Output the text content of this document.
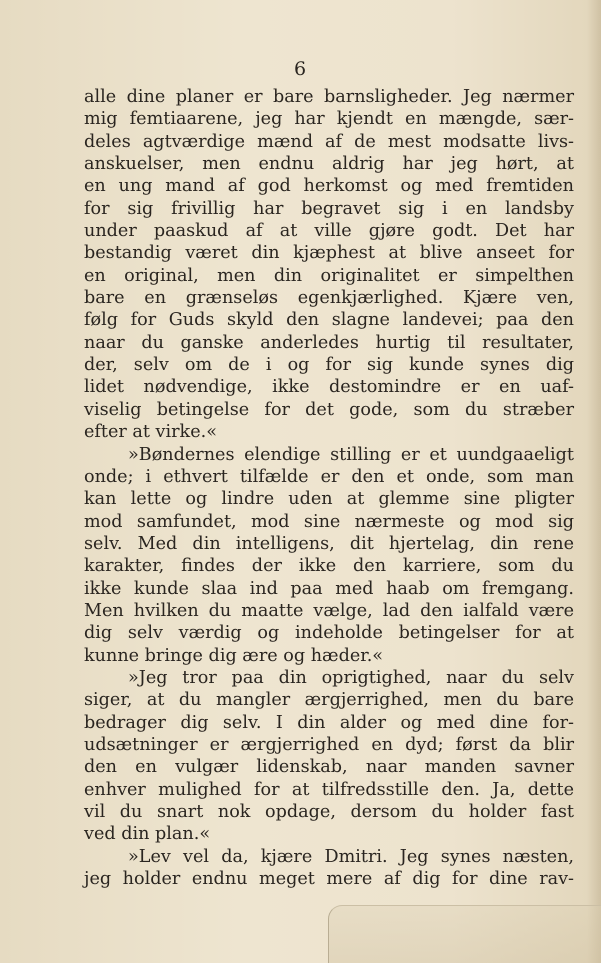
6
alle dine planer er bare barnsligheder. Jeg nærmer
mig femtiaarene, jeg har kjendt en mængde, sær-
deles agtværdige mænd af de mest modsatte livs-
anskuelser, men endnu aldrig har jeg hørt, at
en ung mand af god herkomst og med fremtiden
for sig frivillig har begravet sig i en landsby
under paaskud af at ville gjøre godt. Det har
bestandig været din kjæphest at blive anseet for
en original, men din originalitet er simpelthen
bare en grænseløs egenkjærlighed. Kjære ven,
følg for Guds skyld den slagne landevei; paa den
naar du ganske anderledes hurtig til resultater,
der, selv om de i og for sig kunde synes dig
lidet nødvendige, ikke destomindre er en uaf-
viselig betingelse for det gode, som du stræber
efter at virke.«
»Bøndernes elendige stilling er et uundgaaeligt
onde; i ethvert tilfælde er den et onde, som man
kan lette og lindre uden at glemme sine pligter
mod samfundet, mod sine nærmeste og mod sig
selv. Med din intelligens, dit hjertelag, din rene
karakter, findes der ikke den karriere, som du
ikke kunde slaa ind paa med haab om fremgang.
Men hvilken du maatte vælge, lad den ialfald være
dig selv værdig og indeholde betingelser for at
kunne bringe dig ære og hæder.«
»Jeg tror paa din oprigtighed, naar du selv
siger, at du mangler ærgjerrighed, men du bare
bedrager dig selv. I din alder og med dine for-
udsætninger er ærgjerrighed en dyd; først da blir
den en vulgær lidenskab, naar manden savner
enhver mulighed for at tilfredsstille den. Ja, dette
vil du snart nok opdage, dersom du holder fast
ved din plan.«
»Lev vel da, kjære Dmitri. Jeg synes næsten,
jeg holder endnu meget mere af dig for dine rav-
